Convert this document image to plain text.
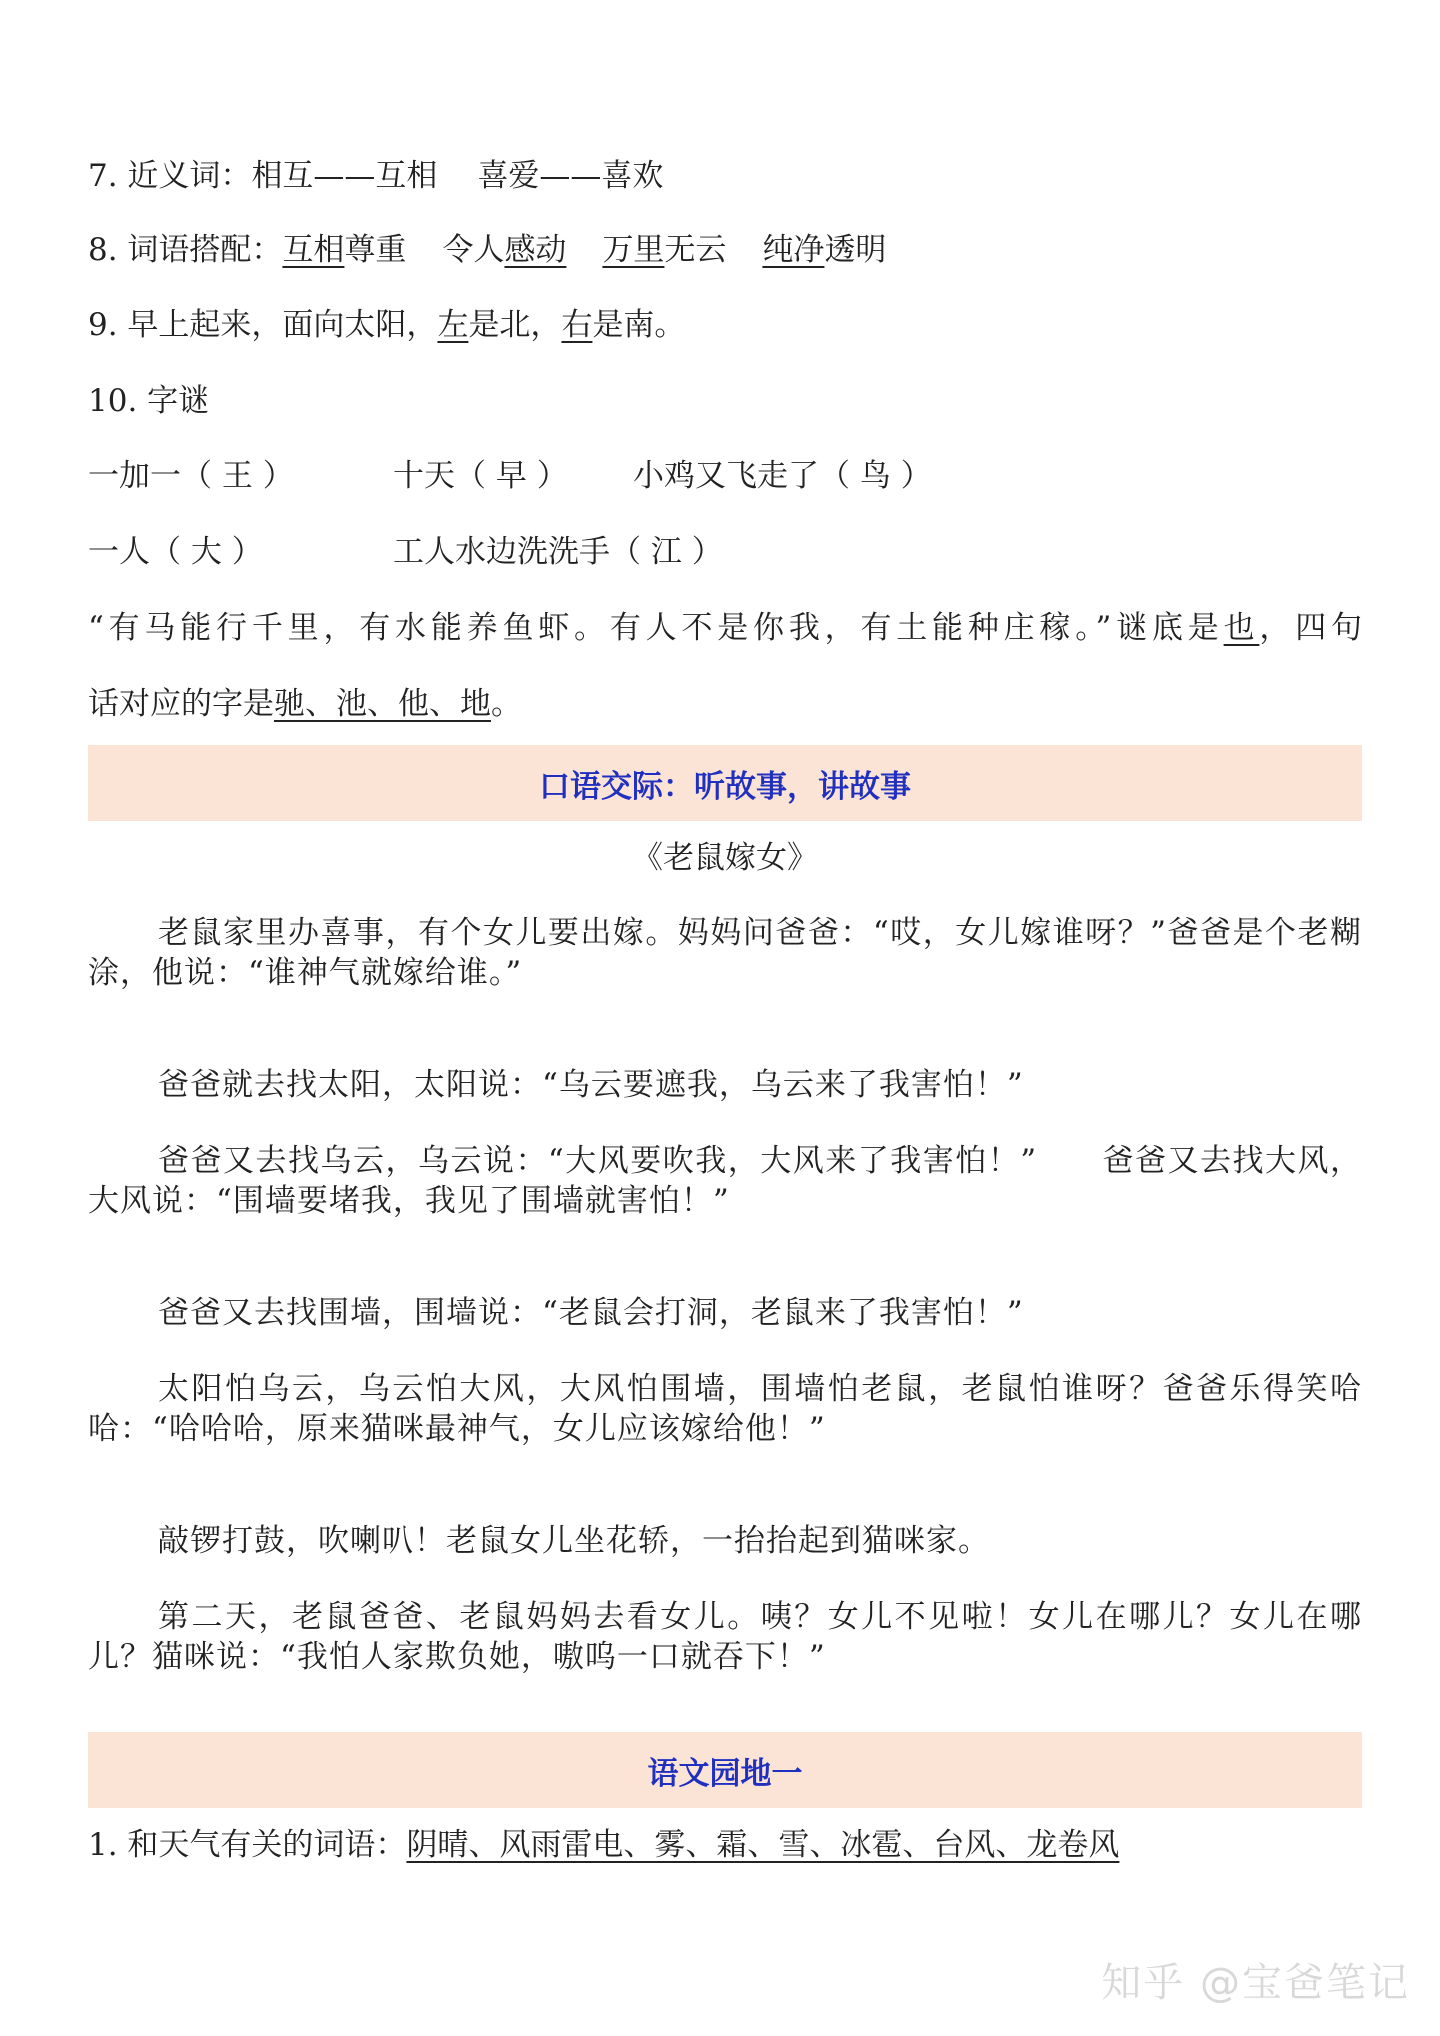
7. 近义词：相互——互相 喜爱——喜欢
8. 词语搭配：互相尊重 令人感动 万里无云 纯净透明
9. 早上起来，面向太阳，左是北，右是南。
10. 字谜
一加一（ 王 ）	十天（ 早 ） 小鸡又飞走了（ 鸟 ）
一人（ 大 ）	工人水边洗洗手（ 江 ）
“有马能行千里，有水能养鱼虾。有人不是你我，有土能种庄稼。”谜底是也，四句
话对应的字是驰、池、他、地。
口语交际：听故事，讲故事
《老鼠嫁女》
老鼠家里办喜事，有个女儿要出嫁。妈妈问爸爸：“哎，女儿嫁谁呀？”爸爸是个老糊涂，他说：“谁神气就嫁给谁。”
爸爸就去找太阳，太阳说：“乌云要遮我，乌云来了我害怕！”
爸爸又去找乌云，乌云说：“大风要吹我，大风来了我害怕！”　　爸爸又去找大风，大风说：“围墙要堵我，我见了围墙就害怕！”
爸爸又去找围墙，围墙说：“老鼠会打洞，老鼠来了我害怕！”
太阳怕乌云，乌云怕大风，大风怕围墙，围墙怕老鼠，老鼠怕谁呀？爸爸乐得笑哈哈：“哈哈哈，原来猫咪最神气，女儿应该嫁给他！”
敲锣打鼓，吹喇叭！老鼠女儿坐花轿，一抬抬起到猫咪家。
第二天，老鼠爸爸、老鼠妈妈去看女儿。咦？女儿不见啦！女儿在哪儿？女儿在哪儿？猫咪说：“我怕人家欺负她，嗷呜一口就吞下！”
语文园地一
1. 和天气有关的词语：阴晴、风雨雷电、雾、霜、雪、冰雹、台风、龙卷风
知乎 @宝爸笔记
